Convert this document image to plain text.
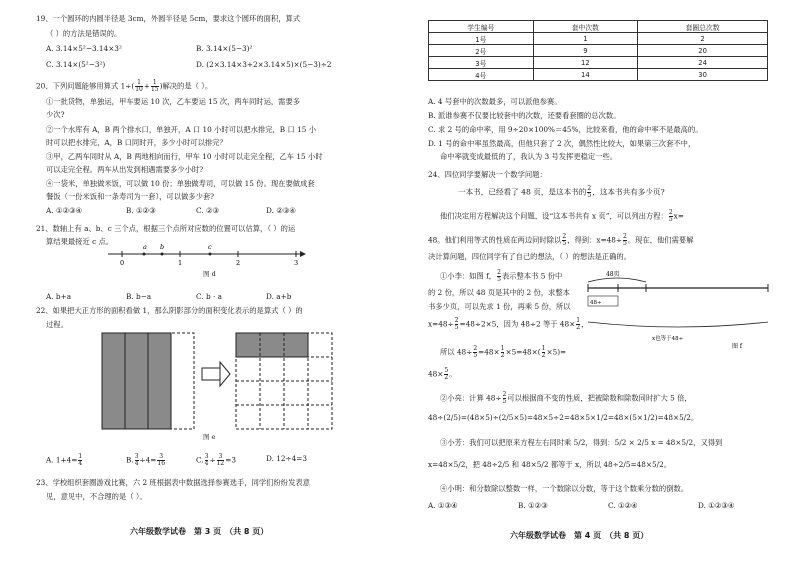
19、一个圆环的内圆半径是 3cm，外圆半径是 5cm，要求这个圆环的面积，算式
（ ）的方法是错误的。
A. 3.14×5²−3.14×3²	B. 3.14×(5−3)²
C. 3.14×(5²−3²)	D. (2×3.14×3+2×3.14×5)×(5−3)÷2
20、下列问题能够用算式 $1\div( \frac{1}{10} + \frac{1}{15}$ )解决的是（ ）。
①一批货物，单独运，甲车要运 10 次，乙车要运 15 次，两车同时运，需要多
少次?
②一个水库有 A，B 两个排水口，单独开，A 口 10 小时可以把水排完，B 口 15 小
时可以把水排完，A，B 口同时开，多少小时可以排完？
③甲，乙两车同时从 A，B 两地相向而行，甲车 10 小时可以走完全程，乙车 15 小时
可以走完全程。两车从出发到相遇需要多少小时?
④一袋米，单独做米饭，可以做 10 份；单独做寿司，可以做 15 份。现在要做成套
餐饭（一份米饭和一条寿司为一套），可以做多少套?
A. ①②③④	B. ①②③	C. ②③	D. ②③④
21、数轴上有 a、b、c 三个点，根据三个点所对应数的位置可以估算，（ ）的运
算结果最接近 c 点。
a b	c
0	1	2	3
图 d
A. b+a	B. b−a	C. b · a	D. a+b
22、如果把大正方形的面积看做 1，那么阴影部分的面积变化表示的是算式（ ）的
过程。
图 e
A. $1+4= \frac{1}{4}$	B. $\frac{3}{4} \div 4= \frac{3}{16}$	C. $\frac{3}{4} \div \frac{3}{12} =3$	D. 12÷4=3
23、学校组织套圈游戏比赛，六 2 班根据表中数据选择参赛选手，同学们纷纷发表意
见，意见中，不合理的是（ ）。
六年级数学试卷　第 3 页　（共 8 页）
学生编号	套中次数	套圈总次数
1号	1	2
2号	9	20
3号	12	24
4号	14	30
A. 4 号套中的次数最多，可以派他参赛。
B. 派谁参赛不仅要比较套中的次数，还要看套圈的总次数。
C. 求 2 号的命中率，用 9÷20×100%＝45%，比较來看，他的命中率不是最高的。
D. 1 号的命中率虽然最高，但他只套了 2 次，偶然性比较大，如果第三次套不中，
命中率就变成最低的了，我认为 3 号发挥更稳定一些。
24、四位同学要解决一个数学问题：
一本书，已经看了 48 页，是这本书的 $\frac{2}{5}$ ，这本书共有多少页?
他们决定用方程解决这个问题，设“这本书共有 x 页”，可以列出方程： $\frac{2}{5} x=$
48。他们利用等式的性质在两边同时除以 $\frac{2}{5}$ ，得到：$x=48\div \frac{2}{5}$ 。现在，他们需要解
决计算问题，四位同学有了自己的想法，（ ）的想法是正确的。
①小李：如图 f， $\frac{2}{5}$ 表示整本书 5 份中
的 2 份，所以 48 页是其中的 2 份，求整本
书多少页，可以先求 1 份，再乘 5 份，所以
$x=48\div \frac{2}{5} =48\div 2\times 5$，因为 48÷2 等于 $48\times \frac{1}{2}$ ，
所以 $48\div \frac{2}{5} =48\times \frac{1}{2} \times 5=48\times( \frac{1}{2} \times 5)=$
$48\times \frac{5}{2}$ 。
48页
48÷
x也等于48÷
图 f
②小亮：计算 $48\div \frac{2}{5}$ 可以根据商不变的性质，把被除数和除数同时扩大 5 倍，
48÷(2/5)=(48×5)÷(2/5×5)=48×5÷2=48×5×1/2=48×(5×1/2)=48×5/2。
③小芳：我们可以把原来方程左右同时乘 5/2，得到：5/2 × 2/5 x = 48×5/2，又得到
x=48×5/2，把 48÷2/5 和 48×5/2 都等于 x，所以 48÷2/5=48×5/2。
④小明：和分数除以整数一样，一个数除以分数，等于这个数乘分数的倒数。
A. ①③④	B. ①②③	C. ①②④	D. ①②③④
六年级数学试卷　第 4 页　（共 8 页）
